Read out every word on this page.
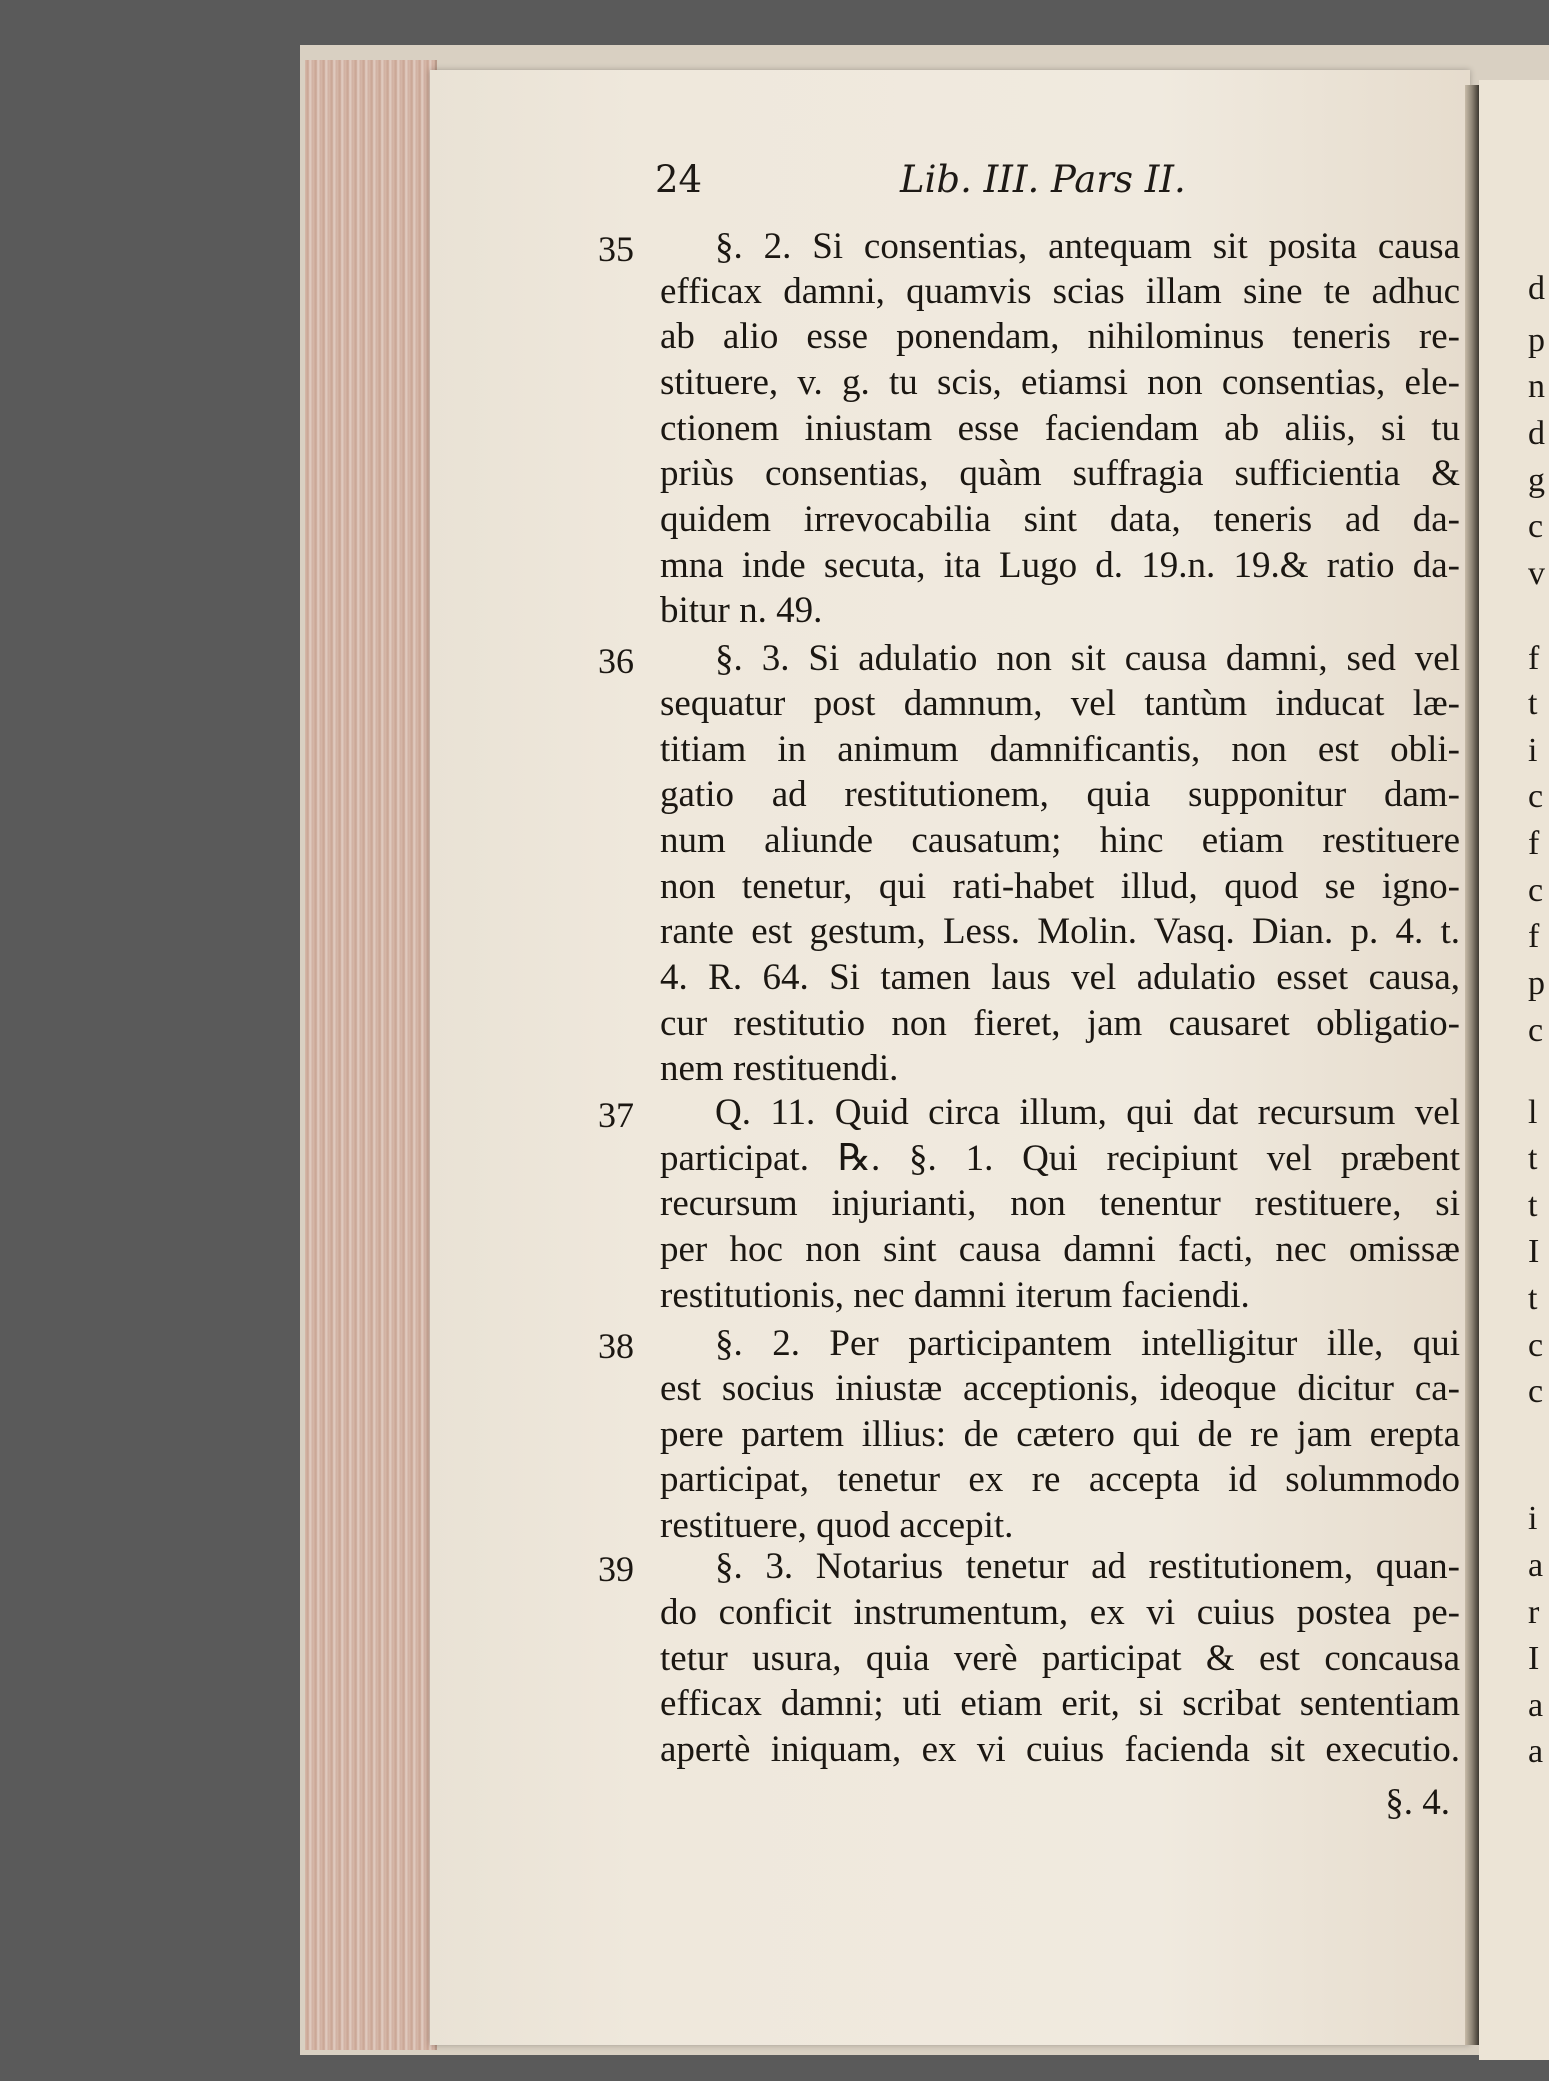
24	Lib. III. Pars II.
35
36
37
38
39
§. 2. Si consentias, antequam sit posita causa
efficax damni, quamvis scias illam sine te adhuc
ab alio esse ponendam, nihilominus teneris re-
stituere, v. g. tu scis, etiamsi non consentias, ele-
ctionem iniustam esse faciendam ab aliis, si tu
priùs consentias, quàm suffragia sufficientia &
quidem irrevocabilia sint data, teneris ad da-
mna inde secuta, ita Lugo d. 19.n. 19.& ratio da-
bitur n. 49.
§. 3. Si adulatio non sit causa damni, sed vel
sequatur post damnum, vel tantùm inducat læ-
titiam in animum damnificantis, non est obli-
gatio ad restitutionem, quia supponitur dam-
num aliunde causatum; hinc etiam restituere
non tenetur, qui rati-habet illud, quod se igno-
rante est gestum, Less. Molin. Vasq. Dian. p. 4. t.
4. R. 64. Si tamen laus vel adulatio esset causa,
cur restitutio non fieret, jam causaret obligatio-
nem restituendi.
Q. 11. Quid circa illum, qui dat recursum vel
participat. ℞. §. 1. Qui recipiunt vel præbent
recursum injurianti, non tenentur restituere, si
per hoc non sint causa damni facti, nec omissæ
restitutionis, nec damni iterum faciendi.
§. 2. Per participantem intelligitur ille, qui
est socius iniustæ acceptionis, ideoque dicitur ca-
pere partem illius: de cætero qui de re jam erepta
participat, tenetur ex re accepta id solummodo
restituere, quod accepit.
§. 3. Notarius tenetur ad restitutionem, quan-
do conficit instrumentum, ex vi cuius postea pe-
tetur usura, quia verè participat & est concausa
efficax damni; uti etiam erit, si scribat sententiam
apertè iniquam, ex vi cuius facienda sit executio.
§. 4.
d
p
n
d
g
c
v
f
t
i
c
f
c
f
p
c
l
t
t
I
t
c
c
i
a
r
I
a
a
